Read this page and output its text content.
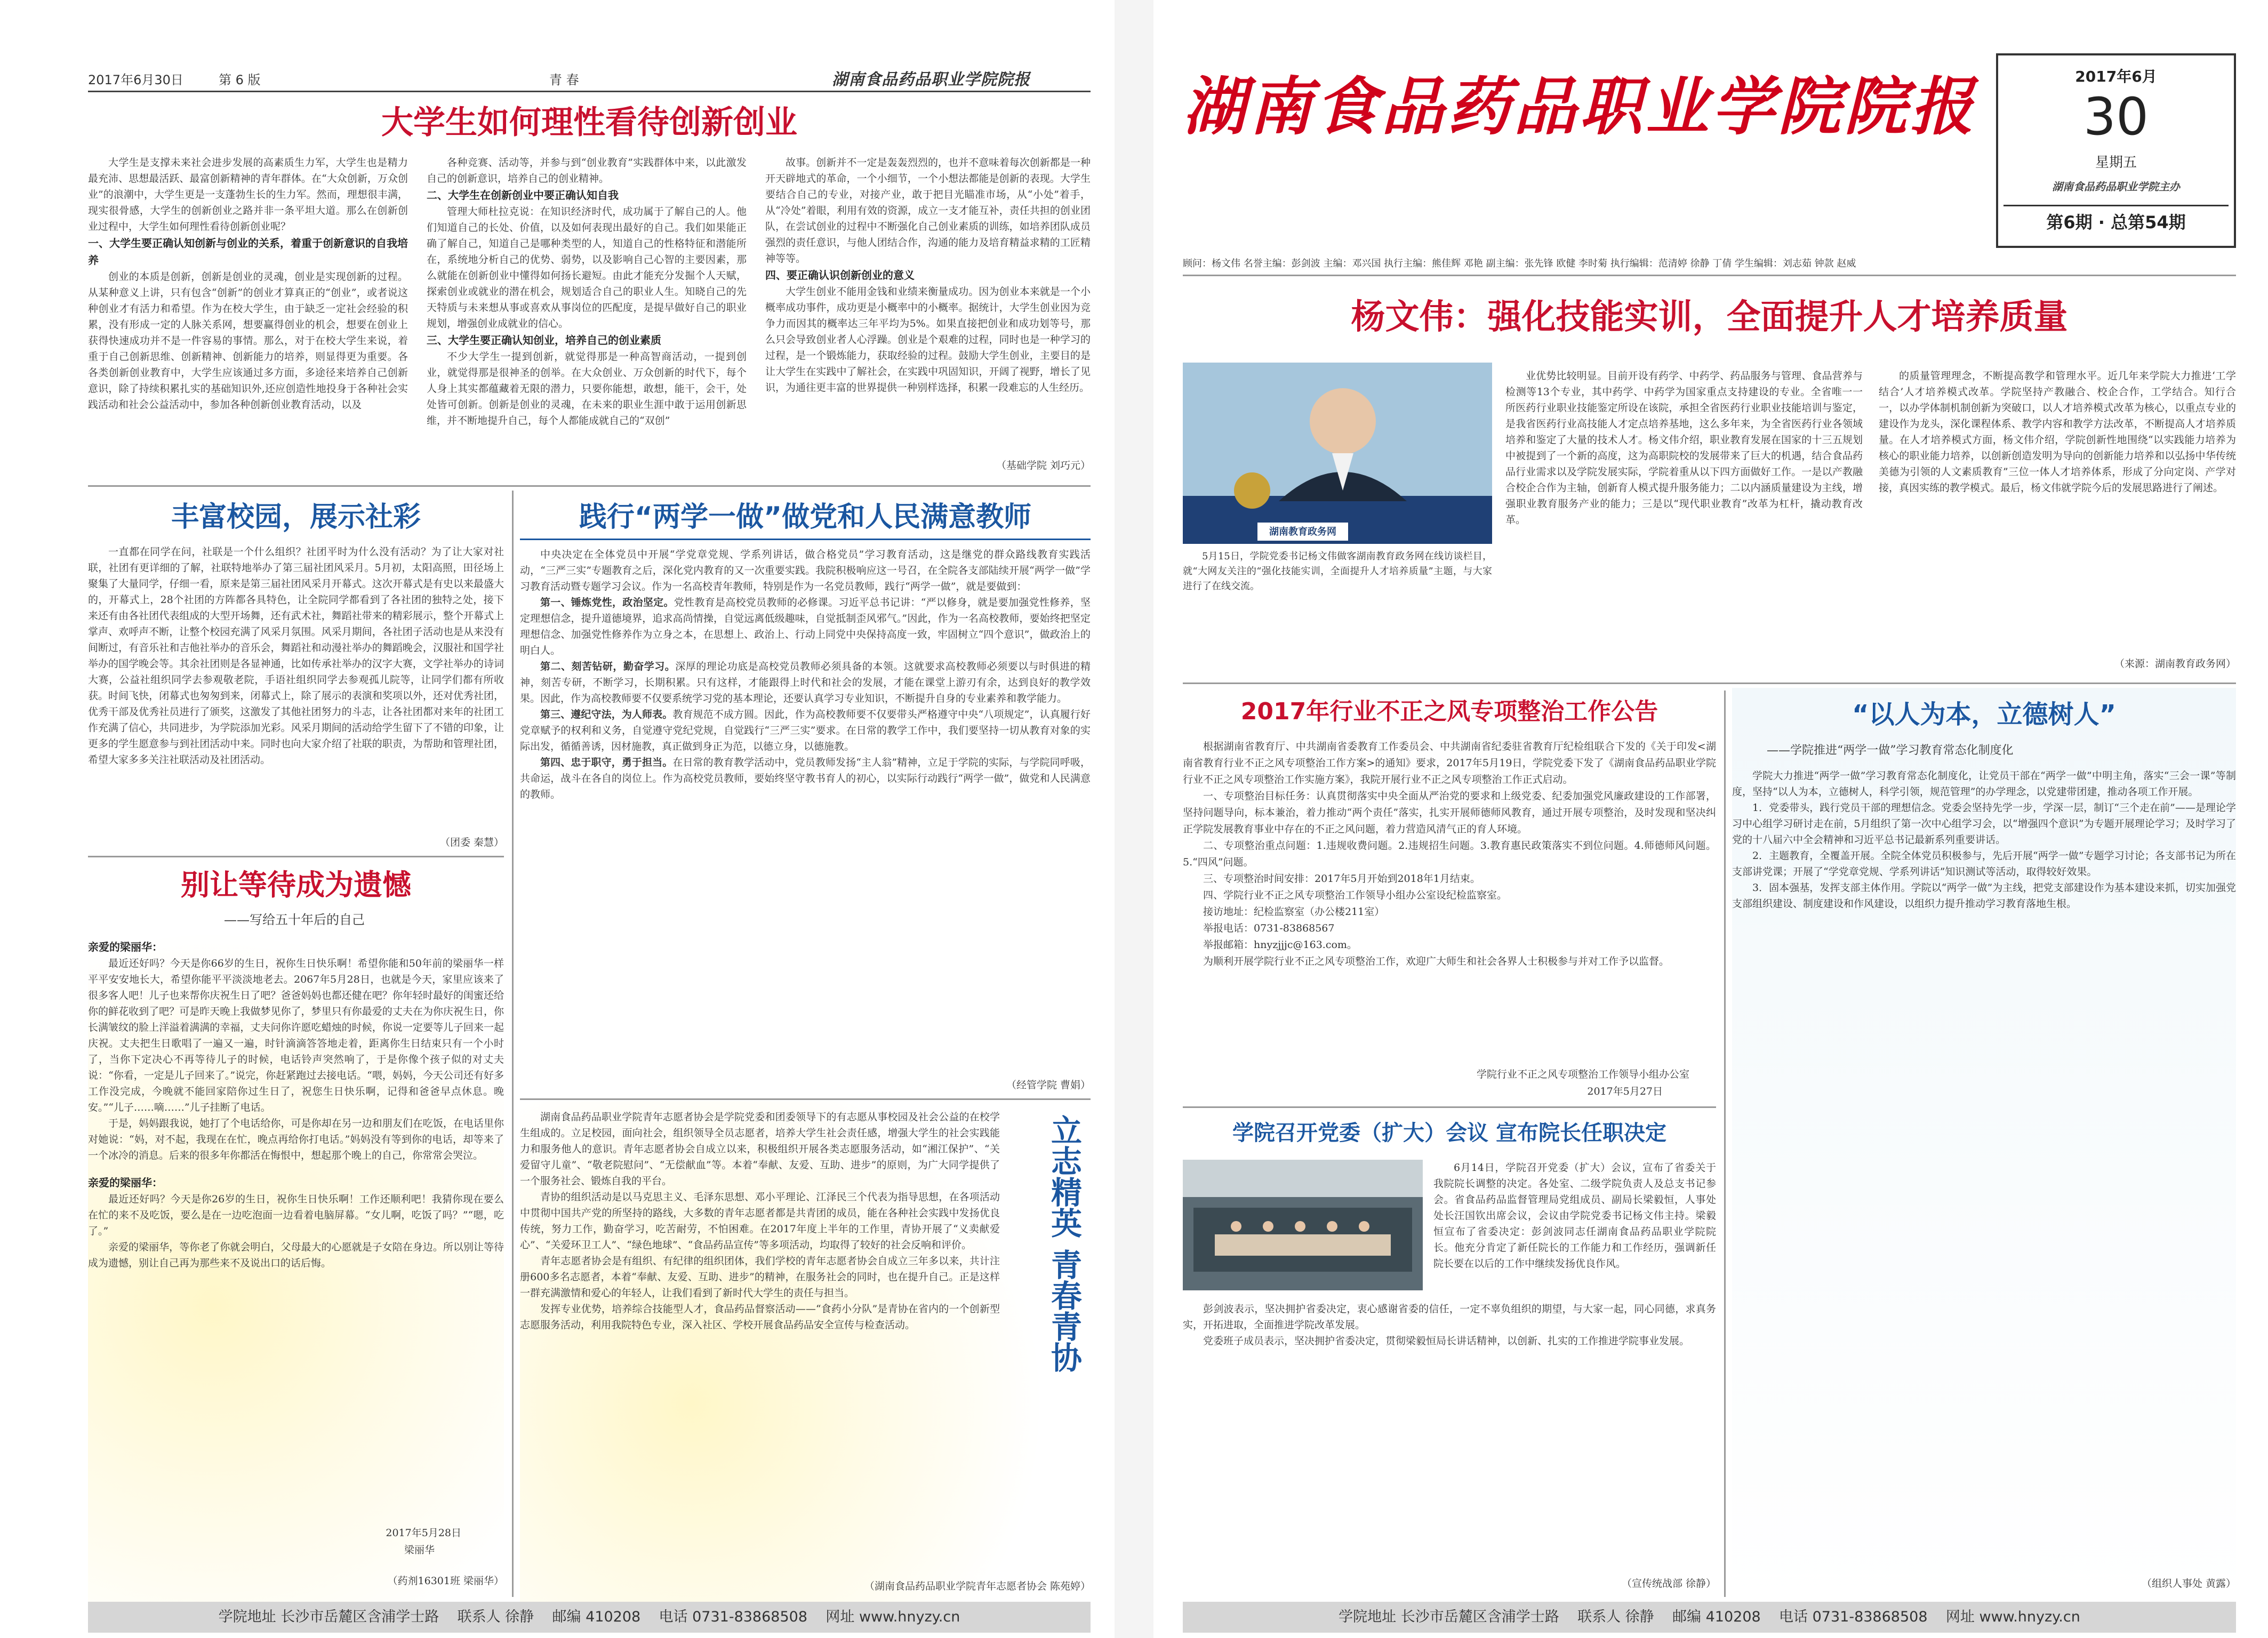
2017年6月30日	第 6 版	青 春	湖南食品药品职业学院院报
大学生如何理性看待创新创业

大学生是支撑未来社会进步发展的高素质生力军，大学生也是精力最充沛、思想最活跃、最富创新精神的青年群体。在“大众创新，万众创业”的浪潮中，大学生更是一支蓬勃生长的生力军。然而，理想很丰满，现实很骨感，大学生的创新创业之路并非一条平坦大道。那么在创新创业过程中，大学生如何理性看待创新创业呢？

一、大学生要正确认知创新与创业的关系，着重于创新意识的自我培养

创业的本质是创新，创新是创业的灵魂，创业是实现创新的过程。从某种意义上讲，只有包含“创新”的创业才算真正的“创业”，或者说这种创业才有活力和希望。作为在校大学生，由于缺乏一定社会经验的积累，没有形成一定的人脉关系网，想要赢得创业的机会，想要在创业上获得快速成功并不是一件容易的事情。那么，对于在校大学生来说，着重于自己创新思维、创新精神、创新能力的培养，则显得更为重要。各各类创新创业教育中，大学生应该通过多方面，多途径来培养自己创新意识，除了持续积累扎实的基础知识外,还应创造性地投身于各种社会实践活动和社会公益活动中，参加各种创新创业教育活动，以及

各种竞赛、活动等，并参与到“创业教育”实践群体中来，以此激发自己的创新意识，培养自己的创业精神。

二、大学生在创新创业中要正确认知自我

管理大师杜拉克说：在知识经济时代，成功属于了解自己的人。他们知道自己的长处、价值，以及如何表现出最好的自己。我们如果能正确了解自己，知道自己是哪种类型的人，知道自己的性格特征和潜能所在，系统地分析自己的优势、弱势，以及影响自己心智的主要因素，那么就能在创新创业中懂得如何扬长避短。由此才能充分发掘个人天赋，探索创业或就业的潜在机会，规划适合自己的职业人生。知晓自己的先天特质与未来想从事或喜欢从事岗位的匹配度，是提早做好自己的职业规划，增强创业成就业的信心。

三、大学生要正确认知创业，培养自己的创业素质

不少大学生一提到创新，就觉得那是一种高智商活动，一提到创业，就觉得那是很神圣的创举。在大众创业、万众创新的时代下，每个人身上其实都蕴藏着无限的潜力，只要你能想，敢想，能干，会干，处处皆可创新。创新是创业的灵魂，在未来的职业生涯中敢于运用创新思维，并不断地提升自己，每个人都能成就自己的“双创”

故事。创新并不一定是轰轰烈烈的，也并不意味着每次创新都是一种开天辟地式的革命，一个小细节，一个小想法都能是创新的表现。大学生要结合自己的专业，对接产业，敢于把目光瞄准市场，从“小处”着手，从“冷处”着眼，利用有效的资源，成立一支才能互补，责任共担的创业团队，在尝试创业的过程中不断强化自己创业素质的训练，如培养团队成员强烈的责任意识，与他人团结合作，沟通的能力及培育精益求精的工匠精神等等。

四、要正确认识创新创业的意义

大学生创业不能用金钱和业绩来衡量成功。因为创业本来就是一个小概率成功事件，成功更是小概率中的小概率。据统计，大学生创业因为竞争力而因其的概率达三年平均为5%。如果直接把创业和成功划等号，那么只会导致创业者人心浮躁。创业是个艰难的过程，同时也是一种学习的过程，是一个锻炼能力，获取经验的过程。鼓励大学生创业，主要目的是让大学生在实践中了解社会，在实践中巩固知识，开阔了视野，增长了见识，为通往更丰富的世界提供一种别样选择，积累一段难忘的人生经历。

（基础学院 刘巧元）
丰富校园，展示社彩

一直都在同学在问，社联是一个什么组织？社团平时为什么没有活动？为了让大家对社联，社团有更详细的了解，社联特地举办了第三届社团风采月。5月初，太阳高照，田径场上聚集了大量同学，仔细一看，原来是第三届社团风采月开幕式。这次开幕式是有史以来最盛大的，开幕式上，28个社团的方阵都各具特色，让全院同学都看到了各社团的独特之处，接下来还有由各社团代表组成的大型开场舞，还有武术社，舞蹈社带来的精彩展示，整个开幕式上掌声、欢呼声不断，让整个校园充满了风采月氛围。风采月期间，各社团子活动也是从来没有间断过，有音乐社和吉他社举办的音乐会，舞蹈社和动漫社举办的舞蹈晚会，汉服社和国学社举办的国学晚会等。其余社团则是各显神通，比如传承社举办的汉字大赛，文学社举办的诗词大赛，公益社组织同学去参观敬老院，手语社组织同学去参观孤儿院等，让同学们都有所收获。时间飞快，闭幕式也匆匆到来，闭幕式上，除了展示的表演和奖项以外，还对优秀社团，优秀干部及优秀社员进行了颁奖，这激发了其他社团努力的斗志，让各社团都对来年的社团工作充满了信心，共同进步，为学院添加光彩。风采月期间的活动给学生留下了不错的印象，让更多的学生愿意参与到社团活动中来。同时也向大家介绍了社联的职责，为帮助和管理社团，希望大家多多关注社联活动及社团活动。

（团委 秦慧）
别让等待成为遗憾
——写给五十年后的自己

亲爱的梁丽华：

最近还好吗？今天是你66岁的生日，祝你生日快乐啊！希望你能和50年前的梁丽华一样平平安安地长大，希望你能平平淡淡地老去。2067年5月28日，也就是今天，家里应该来了很多客人吧！儿子也来帮你庆祝生日了吧？爸爸妈妈也都还健在吧？你年轻时最好的闺蜜还给你的鲜花收到了吧？可是昨天晚上我做梦见你了，梦里只有你最爱的丈夫在为你庆祝生日，你长满皱纹的脸上洋溢着满满的幸福，丈夫问你许愿吃蜡烛的时候，你说一定要等儿子回来一起庆祝。丈夫把生日歌唱了一遍又一遍，时针滴滴答答地走着，距离你生日结束只有一个小时了，当你下定决心不再等待儿子的时候，电话铃声突然响了，于是你像个孩子似的对丈夫说：“你看，一定是儿子回来了。”说完，你赶紧跑过去接电话。“喂，妈妈，今天公司还有好多工作没完成，今晚就不能回家陪你过生日了，祝您生日快乐啊，记得和爸爸早点休息。晚安。”“儿子……嘀……”儿子挂断了电话。

于是，妈妈跟我说，她打了个电话给你，可是你却在另一边和朋友们在吃饭，在电话里你对她说：“妈，对不起，我现在在忙，晚点再给你打电话。”妈妈没有等到你的电话，却等来了一个冰冷的消息。后来的很多年你都活在悔恨中，想起那个晚上的自己，你常常会哭泣。

亲爱的梁丽华：

最近还好吗？今天是你26岁的生日，祝你生日快乐啊！工作还顺利吧！我猜你现在要么在忙的来不及吃饭，要么是在一边吃泡面一边看着电脑屏幕。“女儿啊，吃饭了吗？”“嗯，吃了。”

亲爱的梁丽华，等你老了你就会明白，父母最大的心愿就是子女陪在身边。所以别让等待成为遗憾，别让自己再为那些来不及说出口的话后悔。

2017年5月28日
梁丽华
（药剂16301班 梁丽华）
践行“两学一做”做党和人民满意教师

中央决定在全体党员中开展“学党章党规、学系列讲话，做合格党员”学习教育活动，这是继党的群众路线教育实践活动，“三严三实”专题教育之后，深化党内教育的又一次重要实践。我院积极响应这一号召，在全院各支部陆续开展“两学一做”学习教育活动暨专题学习会议。作为一名高校青年教师，特别是作为一名党员教师，践行“两学一做”，就是要做到：

第一、锤炼党性，政治坚定。党性教育是高校党员教师的必修课。习近平总书记讲：“严以修身，就是要加强党性修养，坚定理想信念，提升道德境界，追求高尚情操，自觉远离低级趣味，自觉抵制歪风邪气。”因此，作为一名高校教师，要始终把坚定理想信念、加强党性修养作为立身之本，在思想上、政治上、行动上同党中央保持高度一致，牢固树立“四个意识”，做政治上的明白人。

第二、刻苦钻研，勤奋学习。深厚的理论功底是高校党员教师必须具备的本领。这就要求高校教师必须要以与时俱进的精神，刻苦专研，不断学习，长期积累。只有这样，才能跟得上时代和社会的发展，才能在课堂上游刃有余，达到良好的教学效果。因此，作为高校教师要不仅要系统学习党的基本理论，还要认真学习专业知识，不断提升自身的专业素养和教学能力。

第三、遵纪守法，为人师表。教育规范不成方圆。因此，作为高校教师要不仅要带头严格遵守中央“八项规定”，认真履行好党章赋予的权利和义务，自觉遵守党纪党规，自觉践行“三严三实”要求。在日常的教学工作中，我们要坚持一切从教育对象的实际出发，循循善诱，因材施教，真正做到身正为范，以德立身，以德施教。

第四、忠于职守，勇于担当。在日常的教育教学活动中，党员教师发扬“主人翁”精神，立足于学院的实际，与学院同呼吸，共命运，战斗在各自的岗位上。作为高校党员教师，要始终坚守教书育人的初心，以实际行动践行“两学一做”，做党和人民满意的教师。

（经管学院 曹娟）

湖南食品药品职业学院青年志愿者协会是学院党委和团委领导下的有志愿从事校园及社会公益的在校学生组成的。立足校园，面向社会，组织领导全员志愿者，培养大学生社会责任感，增强大学生的社会实践能力和服务他人的意识。青年志愿者协会自成立以来，积极组织开展各类志愿服务活动，如“湘江保护”、“关爱留守儿童”、“敬老院慰问”、“无偿献血”等。本着“奉献、友爱、互助、进步”的原则，为广大同学提供了一个服务社会、锻炼自我的平台。

青协的组织活动是以马克思主义、毛泽东思想、邓小平理论、江泽民三个代表为指导思想，在各项活动中贯彻中国共产党的所坚持的路线，大多数的青年志愿者都是共青团的成员，能在各种社会实践中发扬优良传统，努力工作，勤奋学习，吃苦耐劳，不怕困难。在2017年度上半年的工作里，青协开展了“义卖献爱心”、“关爱环卫工人”、“绿色地球”、“食品药品宣传”等多项活动，均取得了较好的社会反响和评价。

青年志愿者协会是有组织、有纪律的组织团体，我们学校的青年志愿者协会自成立三年多以来，共计注册600多名志愿者，本着“奉献、友爱、互助、进步”的精神，在服务社会的同时，也在提升自己。正是这样一群充满激情和爱心的年轻人，让我们看到了新时代大学生的责任与担当。

发挥专业优势，培养综合技能型人才，食品药品督察活动——“食药小分队”是青协在省内的一个创新型志愿服务活动，利用我院特色专业，深入社区、学校开展食品药品安全宣传与检查活动。	立志精英 青春青协
（湖南食品药品职业学院青年志愿者协会 陈苑婷）
学院地址 长沙市岳麓区含浦学士路 联系人 徐静 邮编 410208 电话 0731-83868508 网址 www.hnyzy.cn
湖南食品药品职业学院院报	2017年6月
30
星期五
湖南食品药品职业学院主办
第6期 · 总第54期
顾问：杨文伟 名誉主编：彭剑波 主编：邓兴国 执行主编：熊佳辉 邓艳 副主编：张先锋 欧健 李时菊 执行编辑：范清婷 徐静 丁倩 学生编辑：刘志茹 钟款 赵威
杨文伟：强化技能实训，全面提升人才培养质量
湖南教育政务网

5月15日，学院党委书记杨文伟做客湖南教育政务网在线访谈栏目，就“大网友关注的“强化技能实训，全面提升人才培养质量”主题，与大家进行了在线交流。

业优势比较明显。目前开设有药学、中药学、药品服务与管理、食品营养与检测等13个专业，其中药学、中药学为国家重点支持建设的专业。全省唯一一所医药行业职业技能鉴定所设在该院，承担全省医药行业职业技能培训与鉴定，是我省医药行业高技能人才定点培养基地，这么多年来，为全省医药行业各领域培养和鉴定了大量的技术人才。杨文伟介绍，职业教育发展在国家的十三五规划中被提到了一个新的高度，这为高职院校的发展带来了巨大的机遇，结合食品药品行业需求以及学院发展实际，学院着重从以下四方面做好工作。一是以产教融合校企合作为主轴，创新育人模式提升服务能力；二以内涵质量建设为主线，增强职业教育服务产业的能力；三是以“现代职业教育”改革为杠杆，撬动教育改革。

的质量管理理念，不断提高教学和管理水平。近几年来学院大力推进‘工学结合’人才培养模式改革。学院坚持产教融合、校企合作，工学结合。知行合一，以办学体制机制创新为突破口，以人才培养模式改革为核心，以重点专业的建设作为龙头，深化课程体系、教学内容和教学方法改革，不断提高人才培养质量。在人才培养模式方面，杨文伟介绍，学院创新性地围绕“以实践能力培养为核心的职业能力培养，以创新创造发明为导向的创新能力培养和以弘扬中华传统美德为引领的人文素质教育”三位一体人才培养体系，形成了分向定岗、产学对接，真因实练的教学模式。最后，杨文伟就学院今后的发展思路进行了阐述。

（来源：湖南教育政务网）
2017年行业不正之风专项整治工作公告

根据湖南省教育厅、中共湖南省委教育工作委员会、中共湖南省纪委驻省教育厅纪检组联合下发的《关于印发<湖南省教育行业不正之风专项整治工作方案>的通知》要求，2017年5月19日，学院党委下发了《湖南食品药品职业学院行业不正之风专项整治工作实施方案》，我院开展行业不正之风专项整治工作正式启动。

一、专项整治目标任务：认真贯彻落实中央全面从严治党的要求和上级党委、纪委加强党风廉政建设的工作部署，坚持问题导向，标本兼治，着力推动“两个责任”落实，扎实开展师德师风教育，通过开展专项整治，及时发现和坚决纠正学院发展教育事业中存在的不正之风问题，着力营造风清气正的育人环境。

二、专项整治重点问题：1.违规收费问题。2.违规招生问题。3.教育惠民政策落实不到位问题。4.师德师风问题。5.“四风”问题。

三、专项整治时间安排：2017年5月开始到2018年1月结束。

四、学院行业不正之风专项整治工作领导小组办公室设纪检监察室。

接访地址：纪检监察室（办公楼211室）

举报电话：0731-83868567

举报邮箱：hnyzjjjc@163.com。

为顺利开展学院行业不正之风专项整治工作，欢迎广大师生和社会各界人士积极参与并对工作予以监督。

学院行业不正之风专项整治工作领导小组办公室
2017年5月27日
学院召开党委（扩大）会议 宣布院长任职决定

6月14日，学院召开党委（扩大）会议，宣布了省委关于我院院长调整的决定。各处室、二级学院负责人及总支书记参会。省食品药品监督管理局党组成员、副局长梁毅恒，人事处处长汪国钦出席会议，会议由学院党委书记杨文伟主持。梁毅恒宣布了省委决定：彭剑波同志任湖南食品药品职业学院院长。他充分肯定了新任院长的工作能力和工作经历，强调新任院长要在以后的工作中继续发扬优良作风。

彭剑波表示，坚决拥护省委决定，衷心感谢省委的信任，一定不辜负组织的期望，与大家一起，同心同德，求真务实，开拓进取，全面推进学院改革发展。

党委班子成员表示，坚决拥护省委决定，贯彻梁毅恒局长讲话精神，以创新、扎实的工作推进学院事业发展。

（宣传统战部 徐静）
“以人为本，立德树人”
——学院推进“两学一做”学习教育常态化制度化

学院大力推进“两学一做”学习教育常态化制度化，让党员干部在“两学一做”中明主角，落实“三会一课”等制度，坚持“以人为本，立德树人，科学引领，规范管理”的办学理念，以党建带团建，推动各项工作开展。

1．党委带头，践行党员干部的理想信念。党委会坚持先学一步，学深一层，制订“三个走在前”——是理论学习中心组学习研讨走在前，5月组织了第一次中心组学习会，以“增强四个意识”为专题开展理论学习；及时学习了党的十八届六中全会精神和习近平总书记最新系列重要讲话。

2．主题教育，全覆盖开展。全院全体党员积极参与，先后开展“两学一做”专题学习讨论；各支部书记为所在支部讲党课；开展了“学党章党规、学系列讲话”知识测试等活动，取得较好效果。

3．固本强基，发挥支部主体作用。学院以“两学一做”为主线，把党支部建设作为基本建设来抓，切实加强党支部组织建设、制度建设和作风建设，以组织力提升推动学习教育落地生根。

（组织人事处 黄露）
学院地址 长沙市岳麓区含浦学士路 联系人 徐静 邮编 410208 电话 0731-83868508 网址 www.hnyzy.cn
